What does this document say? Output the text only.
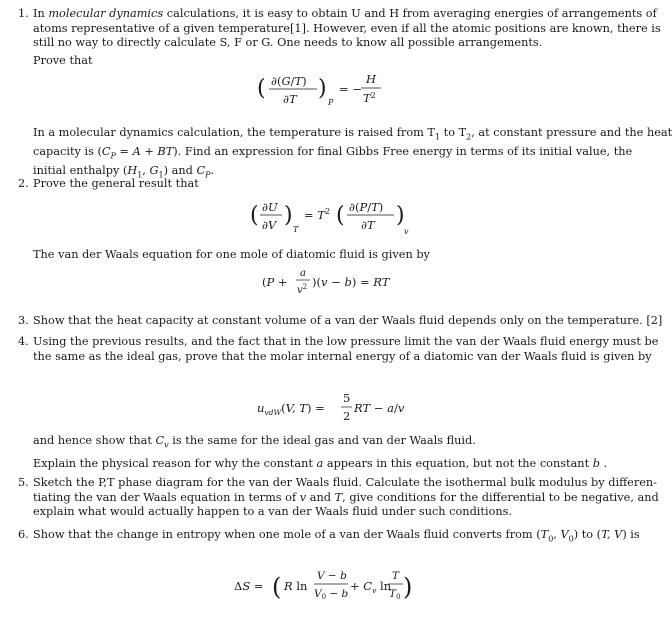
1. In molecular dynamics calculations, it is easy to obtain U and H from averaging energies of arrangements of
atoms representative of a given temperature[1]. However, even if all the atomic positions are known, there is
still no way to directly calculate S, F or G. One needs to know all possible arrangements.
Prove that
( ∂(G/T)
∂T )
P
= −
H
$T^2$
In a molecular dynamics calculation, the temperature is raised from $T_1$ to $T_2$, at constant pressure and the heat
capacity is $(C_P = A + BT)$. Find an expression for final Gibbs Free energy in terms of its initial value, the
initial enthalpy ($H_1$, $G_1$) and $C_P$.
2. Prove the general result that
( ∂U
∂V )
T
= $T^2$ ( ∂(P/T)
∂T )
v
The van der Waals equation for one mole of diatomic fluid is given by
(P +
a
$v^2$ )(v − b) = RT
3. Show that the heat capacity at constant volume of a van der Waals fluid depends only on the temperature. [2]
4. Using the previous results, and the fact that in the low pressure limit the van der Waals fluid energy must be
the same as the ideal gas, prove that the molar internal energy of a diatomic van der Waals fluid is given by
$u_{vdW}(V$, T) =
5
2
RT − a/v
and hence show that $C_v$ is the same for the ideal gas and van der Waals fluid.
Explain the physical reason for why the constant a appears in this equation, but not the constant b .
5. Sketch the P,T phase diagram for the van der Waals fluid. Calculate the isothermal bulk modulus by differen-
tiating the van der Waals equation in terms of v and T, give conditions for the differential to be negative, and
explain what would actually happen to a van der Waals fluid under such conditions.
6. Show that the change in entropy when one mole of a van der Waals fluid converts from ($T_0$, $V_0$) to (T, V) is
ΔS = ( R ln
V − b
V0 − b
+ $C_v$ ln
T
T0 )
